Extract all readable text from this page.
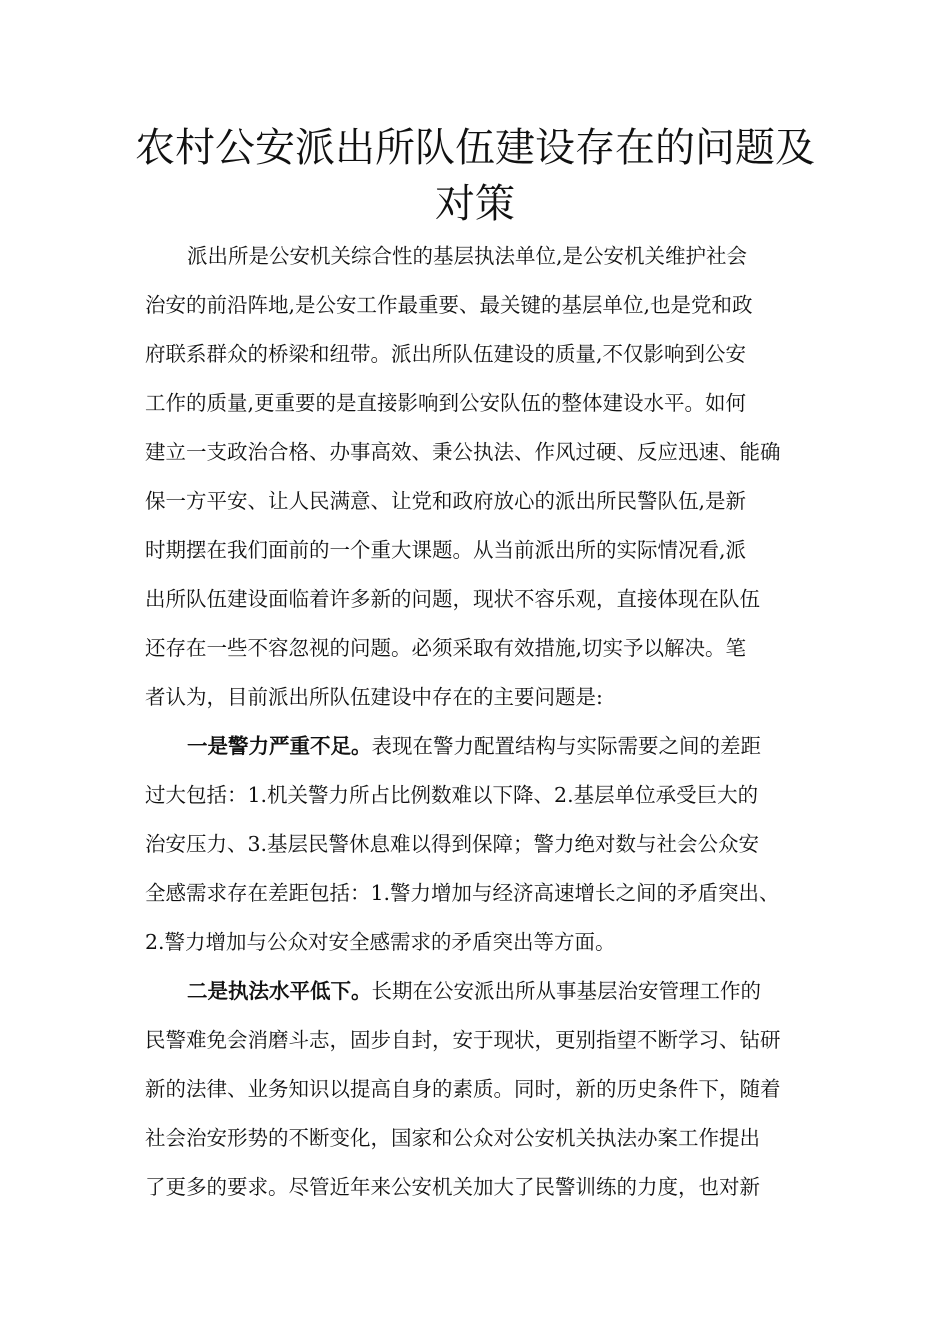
农村公安派出所队伍建设存在的问题及
对策

派出所是公安机关综合性的基层执法单位,是公安机关维护社会
治安的前沿阵地,是公安工作最重要、最关键的基层单位,也是党和政
府联系群众的桥梁和纽带。派出所队伍建设的质量,不仅影响到公安
工作的质量,更重要的是直接影响到公安队伍的整体建设水平。如何
建立一支政治合格、办事高效、秉公执法、作风过硬、反应迅速、能确
保一方平安、让人民满意、让党和政府放心的派出所民警队伍,是新
时期摆在我们面前的一个重大课题。从当前派出所的实际情况看,派
出所队伍建设面临着许多新的问题，现状不容乐观，直接体现在队伍
还存在一些不容忽视的问题。必须采取有效措施,切实予以解决。笔
者认为，目前派出所队伍建设中存在的主要问题是:

一是警力严重不足。表现在警力配置结构与实际需要之间的差距
过大包括：1.机关警力所占比例数难以下降、2.基层单位承受巨大的
治安压力、3.基层民警休息难以得到保障；警力绝对数与社会公众安
全感需求存在差距包括：1.警力增加与经济高速增长之间的矛盾突出、
2.警力增加与公众对安全感需求的矛盾突出等方面。

二是执法水平低下。长期在公安派出所从事基层治安管理工作的
民警难免会消磨斗志，固步自封，安于现状，更别指望不断学习、钻研
新的法律、业务知识以提高自身的素质。同时，新的历史条件下，随着
社会治安形势的不断变化，国家和公众对公安机关执法办案工作提出
了更多的要求。尽管近年来公安机关加大了民警训练的力度，也对新
